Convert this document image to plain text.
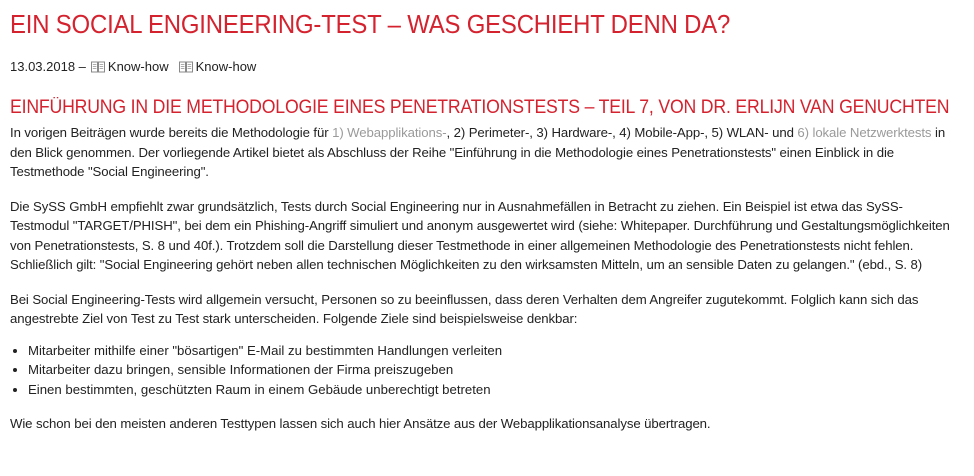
EIN SOCIAL ENGINEERING-TEST – WAS GESCHIEHT DENN DA?
13.03.2018 – Know-how Know-how
EINFÜHRUNG IN DIE METHODOLOGIE EINES PENETRATIONSTESTS – TEIL 7, VON DR. ERLIJN VAN GENUCHTEN

In vorigen Beiträgen wurde bereits die Methodologie für 1) Webapplikations-, 2) Perimeter-, 3) Hardware-, 4) Mobile-App-, 5) WLAN- und 6) lokale Netzwerktests in den Blick genommen. Der vorliegende Artikel bietet als Abschluss der Reihe "Einführung in die Methodologie eines Penetrationstests" einen Einblick in die Testmethode "Social Engineering".

Die SySS GmbH empfiehlt zwar grundsätzlich, Tests durch Social Engineering nur in Ausnahmefällen in Betracht zu ziehen. Ein Beispiel ist etwa das SySS-Testmodul "TARGET/PHISH", bei dem ein Phishing-Angriff simuliert und anonym ausgewertet wird (siehe: Whitepaper. Durchführung und Gestaltungsmöglichkeiten von Penetrationstests, S. 8 und 40f.). Trotzdem soll die Darstellung dieser Testmethode in einer allgemeinen Methodologie des Penetrationstests nicht fehlen. Schließlich gilt: "Social Engineering gehört neben allen technischen Möglichkeiten zu den wirksamsten Mitteln, um an sensible Daten zu gelangen." (ebd., S. 8)

Bei Social Engineering-Tests wird allgemein versucht, Personen so zu beeinflussen, dass deren Verhalten dem Angreifer zugutekommt. Folglich kann sich das angestrebte Ziel von Test zu Test stark unterscheiden. Folgende Ziele sind beispielsweise denkbar:

• Mitarbeiter mithilfe einer "bösartigen" E-Mail zu bestimmten Handlungen verleiten
• Mitarbeiter dazu bringen, sensible Informationen der Firma preiszugeben
• Einen bestimmten, geschützten Raum in einem Gebäude unberechtigt betreten

Wie schon bei den meisten anderen Testtypen lassen sich auch hier Ansätze aus der Webapplikationsanalyse übertragen.
